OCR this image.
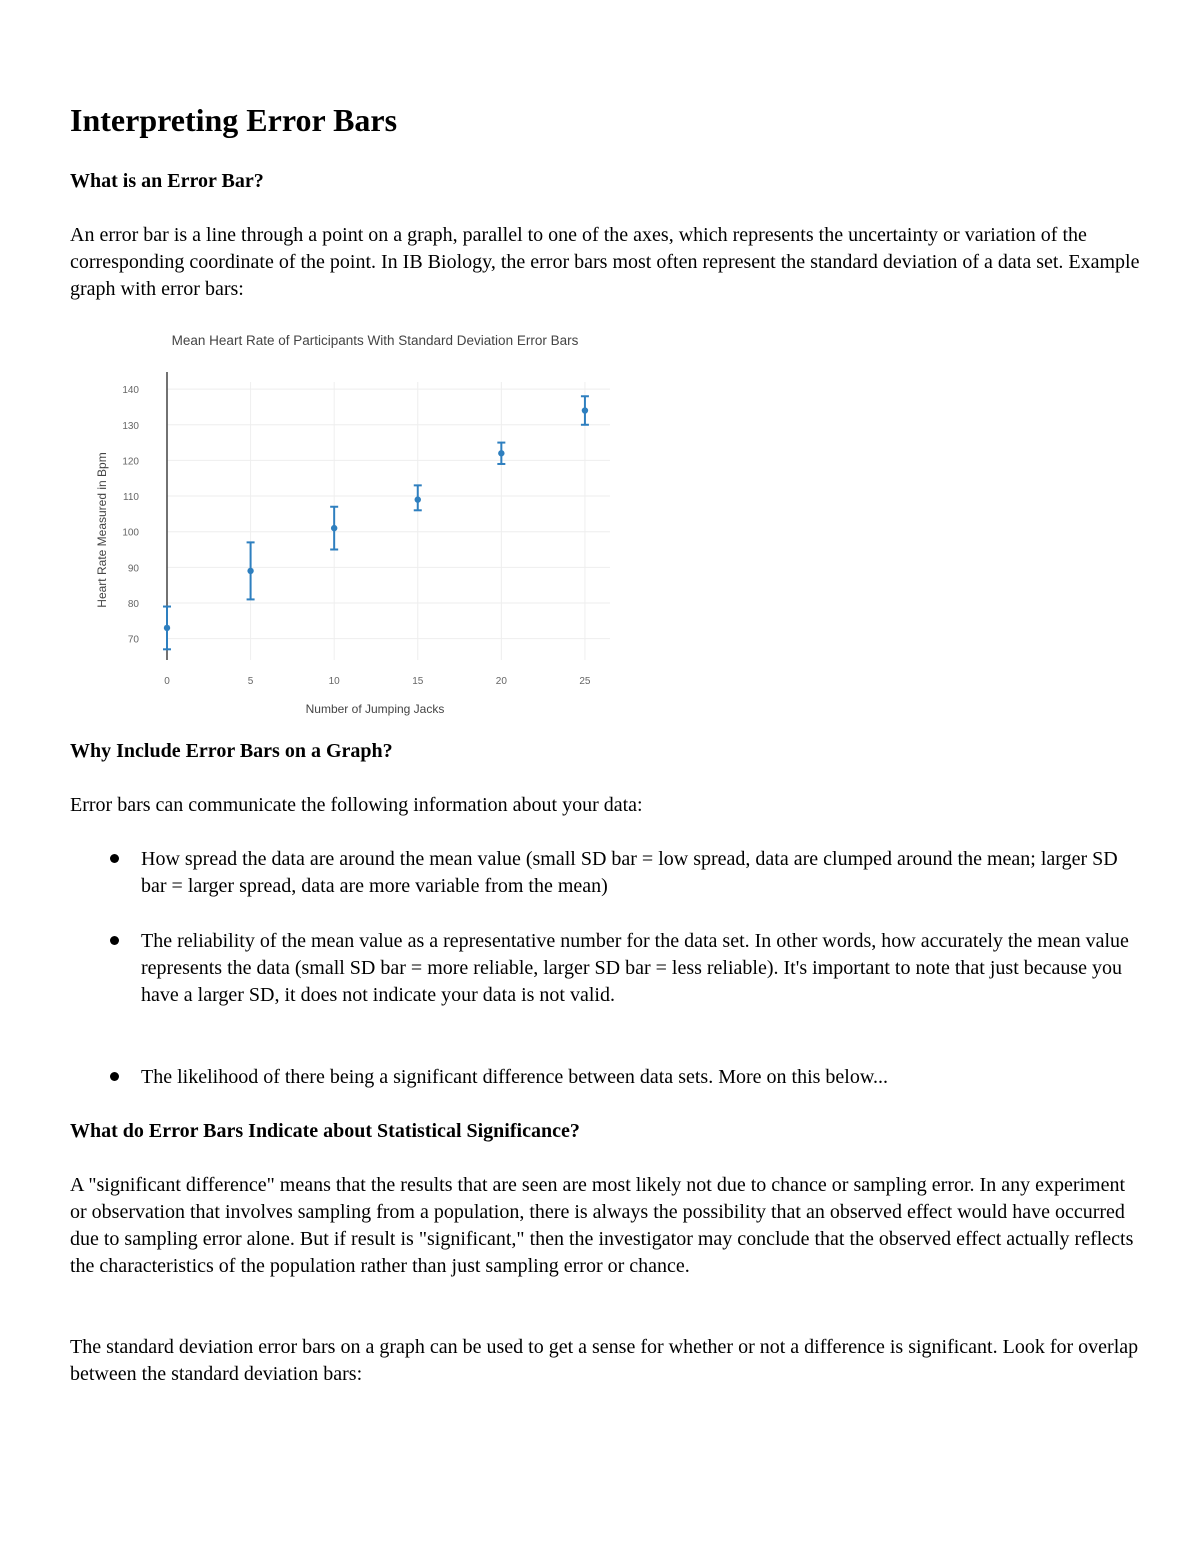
Interpreting Error Bars
What is an Error Bar?

An error bar is a line through a point on a graph, parallel to one of the axes, which represents the uncertainty or variation of the corresponding coordinate of the point. In IB Biology, the error bars most often represent the standard deviation of a data set. Example graph with error bars:

Mean Heart Rate of Participants With Standard Deviation Error Bars
70
80
90
100
110
120
130
140
0	5	10	15	20	25
Number of Jumping Jacks
Heart Rate Measured in Bpm
Why Include Error Bars on a Graph?

Error bars can communicate the following information about your data:

How spread the data are around the mean value (small SD bar = low spread, data are clumped around the mean; larger SD bar = larger spread, data are more variable from the mean)

The reliability of the mean value as a representative number for the data set. In other words, how accurately the mean value represents the data (small SD bar = more reliable, larger SD bar = less reliable). It's important to note that just because you have a larger SD, it does not indicate your data is not valid.

The likelihood of there being a significant difference between data sets. More on this below...

What do Error Bars Indicate about Statistical Significance?

A "significant difference" means that the results that are seen are most likely not due to chance or sampling error. In any experiment or observation that involves sampling from a population, there is always the possibility that an observed effect would have occurred due to sampling error alone. But if result is "significant," then the investigator may conclude that the observed effect actually reflects the characteristics of the population rather than just sampling error or chance.

The standard deviation error bars on a graph can be used to get a sense for whether or not a difference is significant. Look for overlap between the standard deviation bars:
